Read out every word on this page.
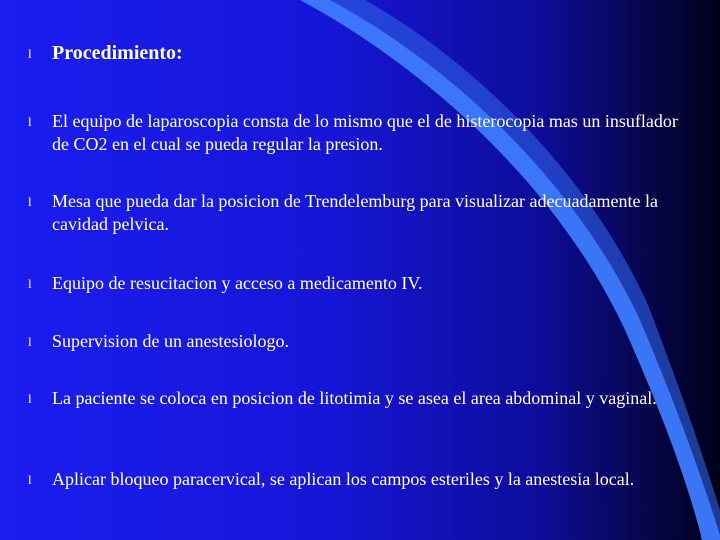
l	Procedimiento:
l	El equipo de laparoscopia consta de lo mismo que el de histerocopia mas un insuflador de CO2 en el cual se pueda regular la presion.
l	Mesa que pueda dar la posicion de Trendelemburg para visualizar adecuadamente la cavidad pelvica.
l	Equipo de resucitacion y acceso a medicamento IV.
l	Supervision de un anestesiologo.
l	La paciente se coloca en posicion de litotimia y se asea el area abdominal y vaginal.
l	Aplicar bloqueo paracervical, se aplican los campos esteriles y la anestesia local.
